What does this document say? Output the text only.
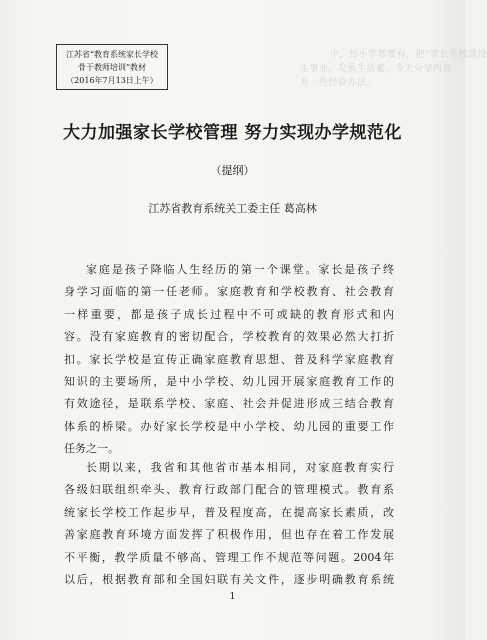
中，每小学都要有，把“家长学校建设
生事业，发展生活素，今天分享内容
有一些经验办法。
江苏省“教育系统家长学校
骨干教师培训”教材
（2016年7月13日上午）
大力加强家长学校管理 努力实现办学规范化
（提纲）
江苏省教育系统关工委主任 葛高林
家庭是孩子降临人生经历的第一个课堂。家长是孩子终
身学习面临的第一任老师。家庭教育和学校教育、社会教育
一样重要，都是孩子成长过程中不可或缺的教育形式和内
容。没有家庭教育的密切配合，学校教育的效果必然大打折
扣。家长学校是宣传正确家庭教育思想、普及科学家庭教育
知识的主要场所，是中小学校、幼儿园开展家庭教育工作的
有效途径，是联系学校、家庭、社会并促进形成三结合教育
体系的桥梁。办好家长学校是中小学校、幼儿园的重要工作
任务之一。
长期以来，我省和其他省市基本相同，对家庭教育实行
各级妇联组织牵头、教育行政部门配合的管理模式。教育系
统家长学校工作起步早，普及程度高，在提高家长素质，改
善家庭教育环境方面发挥了积极作用，但也存在着工作发展
不平衡，教学质量不够高、管理工作不规范等问题。2004年
以后，根据教育部和全国妇联有关文件，逐步明确教育系统
1
